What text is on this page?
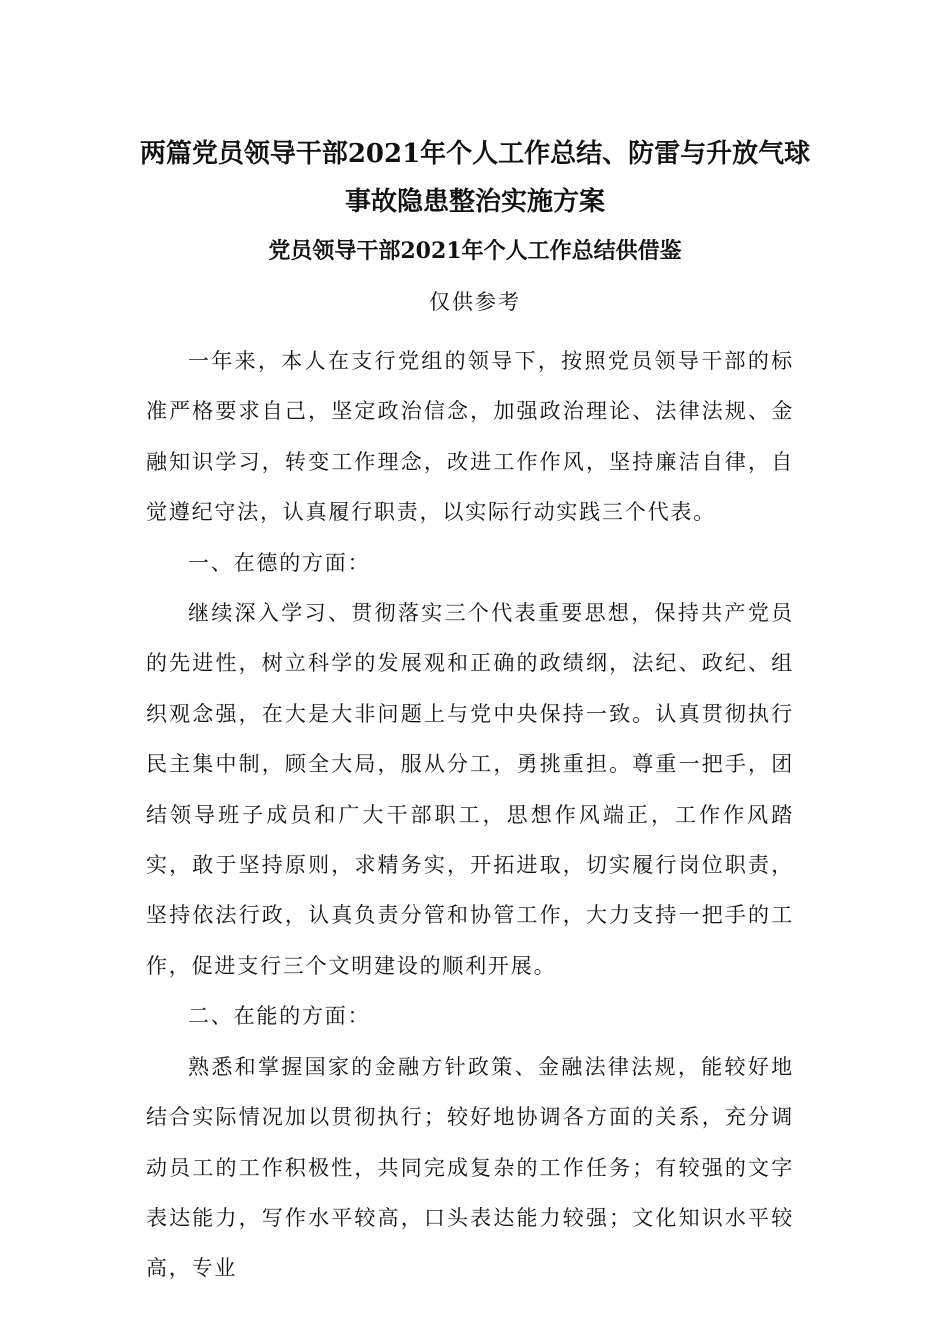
两篇党员领导干部2021年个人工作总结、防雷与升放气球
事故隐患整治实施方案
党员领导干部2021年个人工作总结供借鉴
仅供参考

一年来，本人在支行党组的领导下，按照党员领导干部的标准严格要求自己，坚定政治信念，加强政治理论、法律法规、金融知识学习，转变工作理念，改进工作作风，坚持廉洁自律，自觉遵纪守法，认真履行职责，以实际行动实践三个代表。

一、在德的方面：

继续深入学习、贯彻落实三个代表重要思想，保持共产党员的先进性，树立科学的发展观和正确的政绩纲，法纪、政纪、组织观念强，在大是大非问题上与党中央保持一致。认真贯彻执行民主集中制，顾全大局，服从分工，勇挑重担。尊重一把手，团结领导班子成员和广大干部职工，思想作风端正，工作作风踏实，敢于坚持原则，求精务实，开拓进取，切实履行岗位职责，坚持依法行政，认真负责分管和协管工作，大力支持一把手的工作，促进支行三个文明建设的顺利开展。

二、在能的方面：

熟悉和掌握国家的金融方针政策、金融法律法规，能较好地结合实际情况加以贯彻执行；较好地协调各方面的关系，充分调动员工的工作积极性，共同完成复杂的工作任务；有较强的文字表达能力，写作水平较高，口头表达能力较强；文化知识水平较高，专业
